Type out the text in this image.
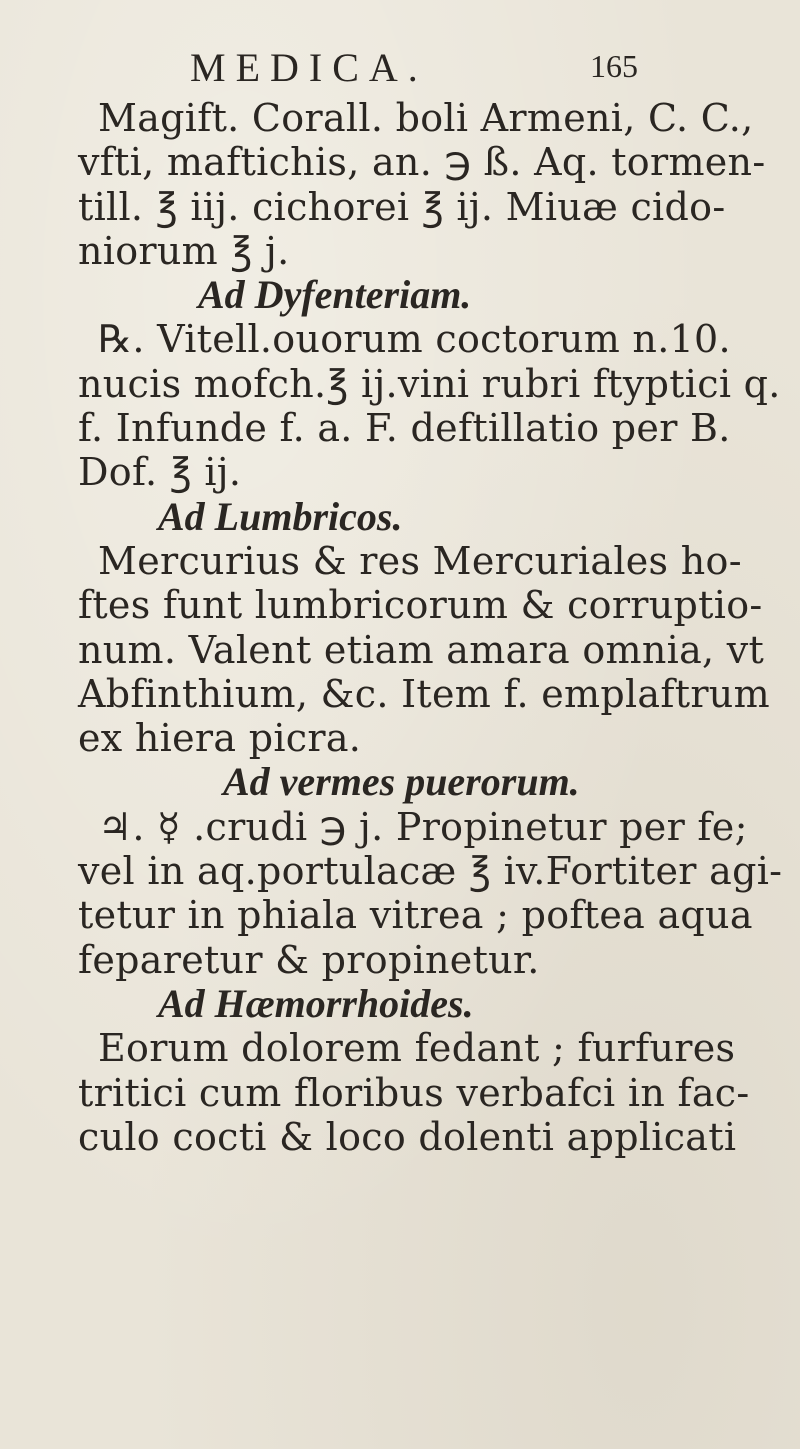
MEDICA.	165
Magift. Corall. boli Armeni, C. C.,
vfti, maftichis, an. ℈ ß. Aq. tormen-
till. ℥ iij. cichorei ℥ ij. Miuæ cido-
niorum ℥ j.
Ad Dyfenteriam.
℞. Vitell.ouorum coctorum n.10.
nucis mofch.℥ ij.vini rubri ftyptici q.
f. Infunde f. a. F. deftillatio per B.
Dof. ℥ ij.
Ad Lumbricos.
Mercurius & res Mercuriales ho-
ftes funt lumbricorum & corruptio-
num. Valent etiam amara omnia, vt
Abfinthium, &c. Item f. emplaftrum
ex hiera picra.
Ad vermes puerorum.
♃. ☿ .crudi ℈ j. Propinetur per fe;
vel in aq.portulacæ ℥ iv.Fortiter agi-
tetur in phiala vitrea ; poftea aqua
feparetur & propinetur.
Ad Hæmorrhoides.
Eorum dolorem fedant ; furfures
tritici cum floribus verbafci in fac-
culo cocti & loco dolenti applicati
